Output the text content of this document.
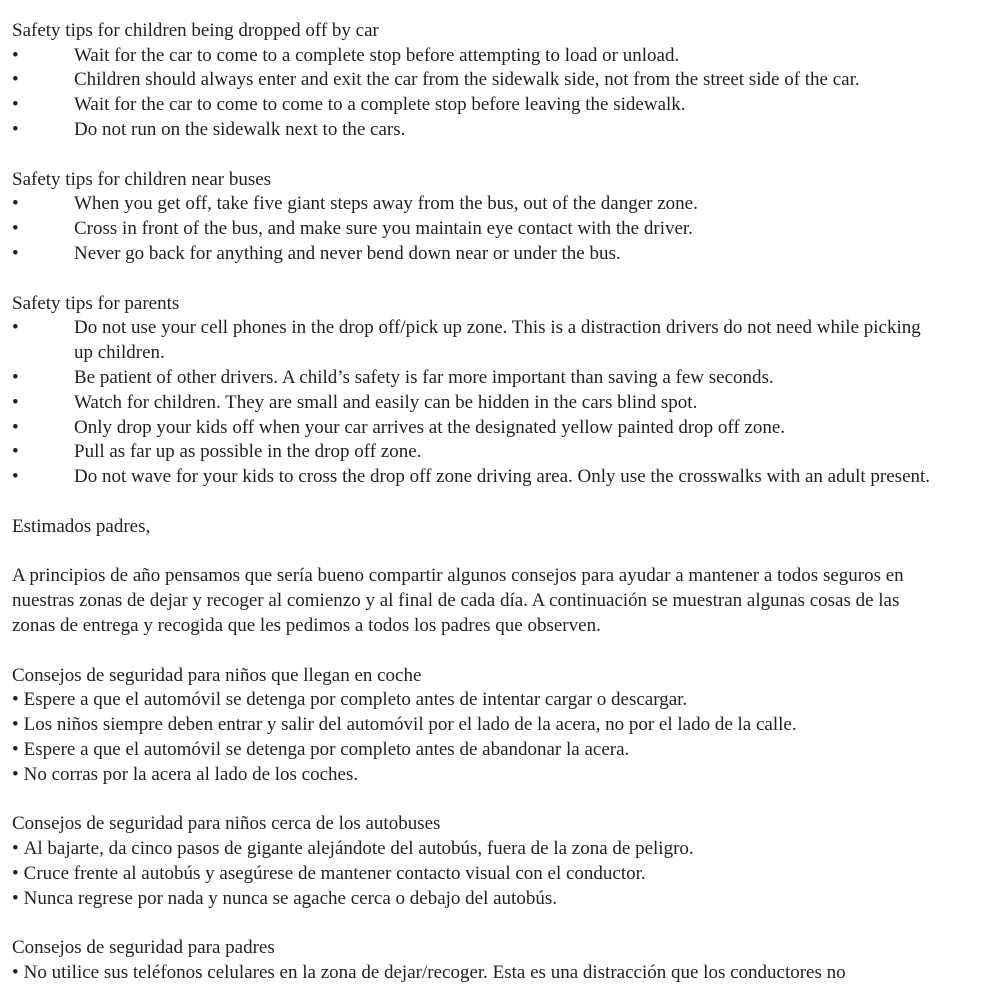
Safety tips for children being dropped off by car

•	Wait for the car to come to a complete stop before attempting to load or unload.
•	Children should always enter and exit the car from the sidewalk side, not from the street side of the car.
•	Wait for the car to come to come to a complete stop before leaving the sidewalk.
•	Do not run on the sidewalk next to the cars.

Safety tips for children near buses

•	When you get off, take five giant steps away from the bus, out of the danger zone.
•	Cross in front of the bus, and make sure you maintain eye contact with the driver.
•	Never go back for anything and never bend down near or under the bus.

Safety tips for parents

•	Do not use your cell phones in the drop off/pick up zone. This is a distraction drivers do not need while picking up children.
•	Be patient of other drivers. A child’s safety is far more important than saving a few seconds.
•	Watch for children. They are small and easily can be hidden in the cars blind spot.
•	Only drop your kids off when your car arrives at the designated yellow painted drop off zone.
•	Pull as far up as possible in the drop off zone.
•	Do not wave for your kids to cross the drop off zone driving area. Only use the crosswalks with an adult present.

Estimados padres,

A principios de año pensamos que sería bueno compartir algunos consejos para ayudar a mantener a todos seguros en nuestras zonas de dejar y recoger al comienzo y al final de cada día. A continuación se muestran algunas cosas de las zonas de entrega y recogida que les pedimos a todos los padres que observen.

Consejos de seguridad para niños que llegan en coche

• Espere a que el automóvil se detenga por completo antes de intentar cargar o descargar.
• Los niños siempre deben entrar y salir del automóvil por el lado de la acera, no por el lado de la calle.
• Espere a que el automóvil se detenga por completo antes de abandonar la acera.
• No corras por la acera al lado de los coches.

Consejos de seguridad para niños cerca de los autobuses

• Al bajarte, da cinco pasos de gigante alejándote del autobús, fuera de la zona de peligro.
• Cruce frente al autobús y asegúrese de mantener contacto visual con el conductor.
• Nunca regrese por nada y nunca se agache cerca o debajo del autobús.

Consejos de seguridad para padres

• No utilice sus teléfonos celulares en la zona de dejar/recoger. Esta es una distracción que los conductores no
